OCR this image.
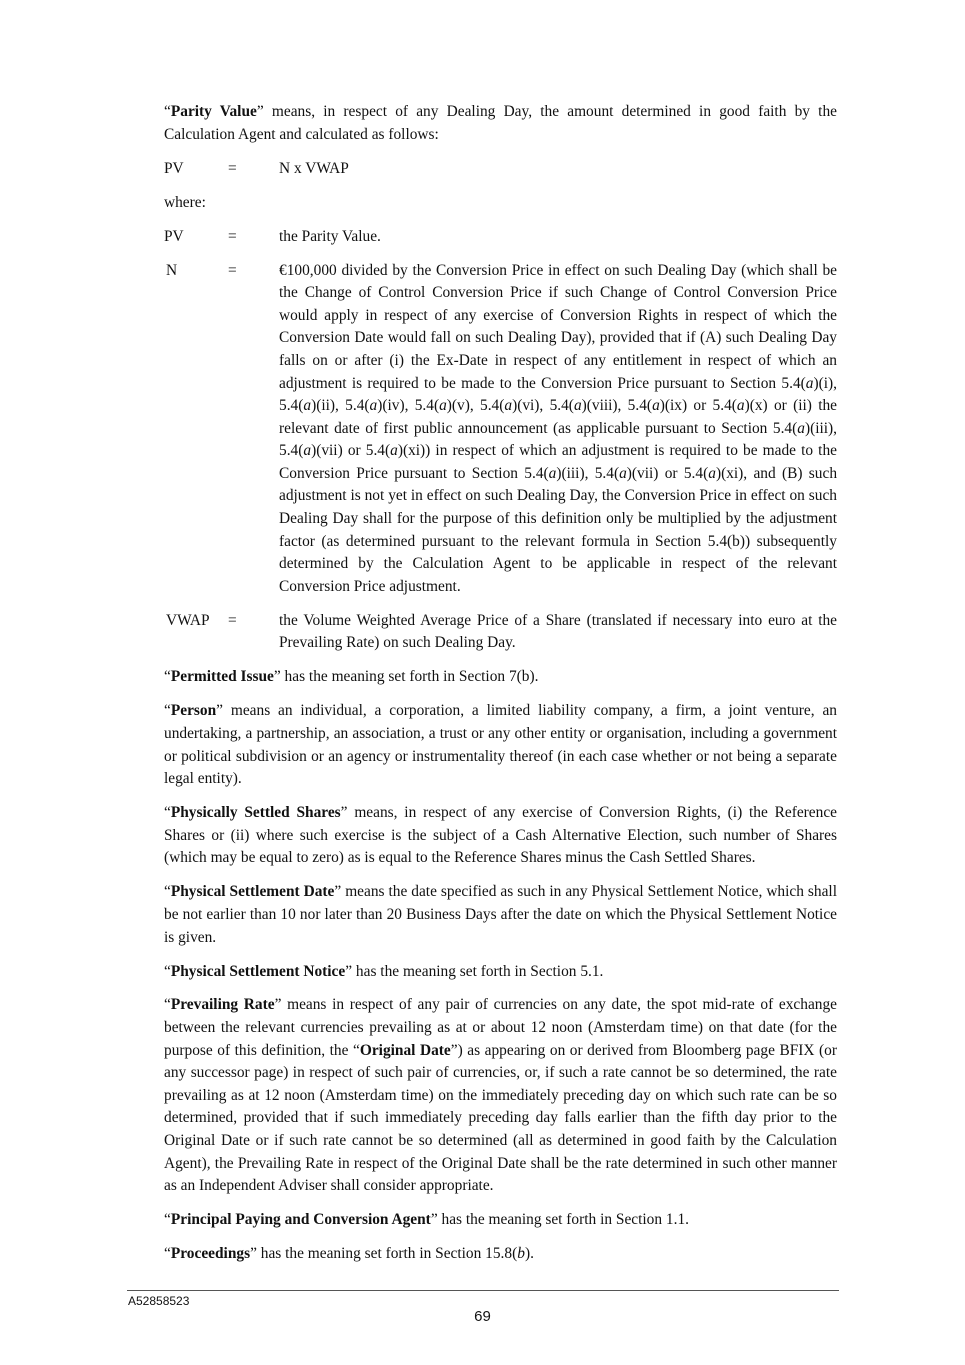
“Parity Value” means, in respect of any Dealing Day, the amount determined in good faith by the Calculation Agent and calculated as follows:

PV	=	N x VWAP
where:
PV	=	the Parity Value.
N	=	€100,000 divided by the Conversion Price in effect on such Dealing Day (which shall be the Change of Control Conversion Price if such Change of Control Conversion Price would apply in respect of any exercise of Conversion Rights in respect of which the Conversion Date would fall on such Dealing Day), provided that if (A) such Dealing Day falls on or after (i) the Ex-Date in respect of any entitlement in respect of which an adjustment is required to be made to the Conversion Price pursuant to Section 5.4(a)(i), 5.4(a)(ii), 5.4(a)(iv), 5.4(a)(v), 5.4(a)(vi), 5.4(a)(viii), 5.4(a)(ix) or 5.4(a)(x) or (ii) the relevant date of first public announcement (as applicable pursuant to Section 5.4(a)(iii), 5.4(a)(vii) or 5.4(a)(xi)) in respect of which an adjustment is required to be made to the Conversion Price pursuant to Section 5.4(a)(iii), 5.4(a)(vii) or 5.4(a)(xi), and (B) such adjustment is not yet in effect on such Dealing Day, the Conversion Price in effect on such Dealing Day shall for the purpose of this definition only be multiplied by the adjustment factor (as determined pursuant to the relevant formula in Section 5.4(b)) subsequently determined by the Calculation Agent to be applicable in respect of the relevant Conversion Price adjustment.
VWAP	=	the Volume Weighted Average Price of a Share (translated if necessary into euro at the Prevailing Rate) on such Dealing Day.

“Permitted Issue” has the meaning set forth in Section 7(b).

“Person” means an individual, a corporation, a limited liability company, a firm, a joint venture, an undertaking, a partnership, an association, a trust or any other entity or organisation, including a government or political subdivision or an agency or instrumentality thereof (in each case whether or not being a separate legal entity).

“Physically Settled Shares” means, in respect of any exercise of Conversion Rights, (i) the Reference Shares or (ii) where such exercise is the subject of a Cash Alternative Election, such number of Shares (which may be equal to zero) as is equal to the Reference Shares minus the Cash Settled Shares.

“Physical Settlement Date” means the date specified as such in any Physical Settlement Notice, which shall be not earlier than 10 nor later than 20 Business Days after the date on which the Physical Settlement Notice is given.

“Physical Settlement Notice” has the meaning set forth in Section 5.1.

“Prevailing Rate” means in respect of any pair of currencies on any date, the spot mid-rate of exchange between the relevant currencies prevailing as at or about 12 noon (Amsterdam time) on that date (for the purpose of this definition, the “Original Date”) as appearing on or derived from Bloomberg page BFIX (or any successor page) in respect of such pair of currencies, or, if such a rate cannot be so determined, the rate prevailing as at 12 noon (Amsterdam time) on the immediately preceding day on which such rate can be so determined, provided that if such immediately preceding day falls earlier than the fifth day prior to the Original Date or if such rate cannot be so determined (all as determined in good faith by the Calculation Agent), the Prevailing Rate in respect of the Original Date shall be the rate determined in such other manner as an Independent Adviser shall consider appropriate.

“Principal Paying and Conversion Agent” has the meaning set forth in Section 1.1.

“Proceedings” has the meaning set forth in Section 15.8(b).

A52858523
69
